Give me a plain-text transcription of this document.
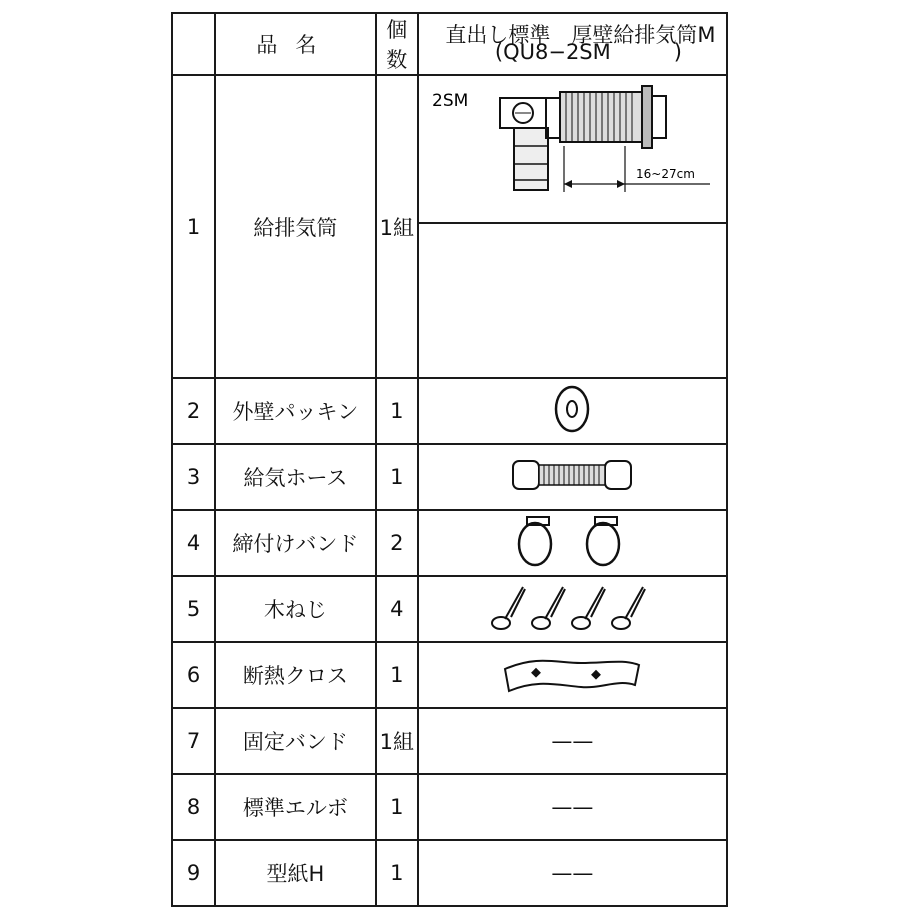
	品名	個数	直出し標準　厚壁給排気筒M
(QU8−2SM　　　)

1	給排気筒	1組	2SM
16~27cm

2	外壁パッキン	1	
3	給気ホース	1	
4	締付けバンド	2	
5	木ねじ	4	
6	断熱クロス	1	
7	固定バンド	1組	——
8	標準エルボ	1	——
9	型紙H	1	——
